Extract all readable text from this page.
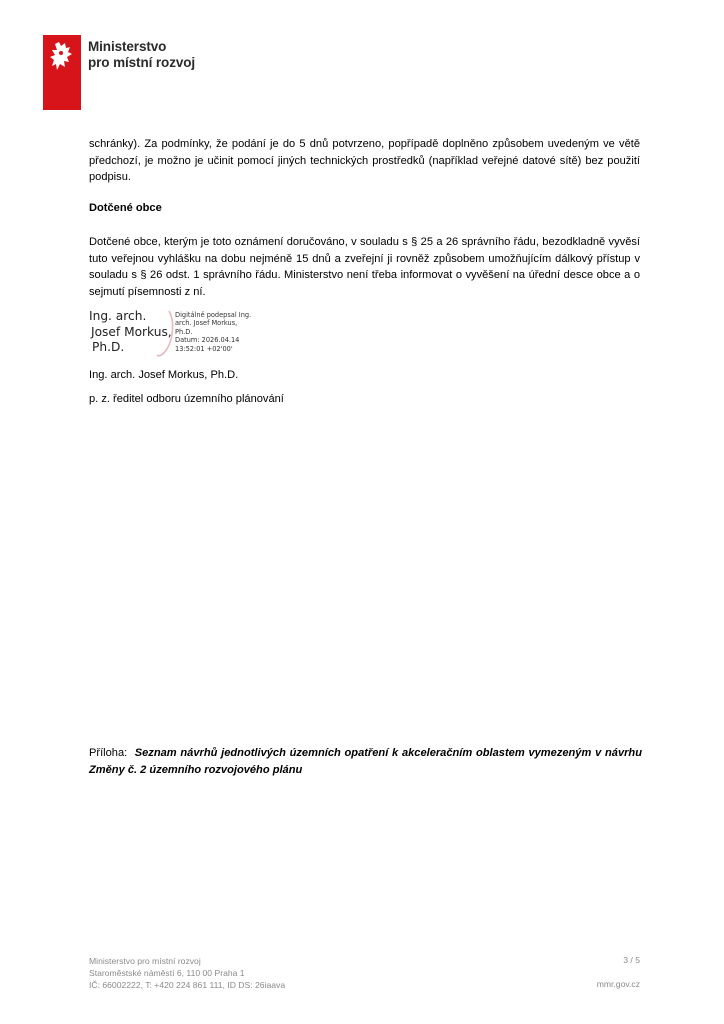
Ministerstvo
pro místní rozvoj
schránky). Za podmínky, že podání je do 5 dnů potvrzeno, popřípadě doplněno způsobem uvedeným ve větě předchozí, je možno je učinit pomocí jiných technických prostředků (například veřejné datové sítě) bez použití podpisu.
Dotčené obce
Dotčené obce, kterým je toto oznámení doručováno, v souladu s § 25 a 26 správního řádu, bezodkladně vyvěsí tuto veřejnou vyhlášku na dobu nejméně 15 dnů a zveřejní ji rovněž způsobem umožňujícím dálkový přístup v souladu s § 26 odst. 1 správního řádu. Ministerstvo není třeba informovat o vyvěšení na úřední desce obce a o sejmutí písemnosti z ní.
Ing. arch.
Josef Morkus,
Ph.D.
Digitálně podepsal Ing.
arch. Josef Morkus,
Ph.D.
Datum: 2026.04.14
13:52:01 +02'00'
Ing. arch. Josef Morkus, Ph.D.
p. z. ředitel odboru územního plánování
Příloha: Seznam návrhů jednotlivých územních opatření k akceleračním oblastem vymezeným v návrhu Změny č. 2 územního rozvojového plánu
Ministerstvo pro místní rozvoj
Staroměstské náměstí 6, 110 00 Praha 1
IČ: 66002222, T: +420 224 861 111, ID DS: 26iaava
3 / 5
mmr.gov.cz
